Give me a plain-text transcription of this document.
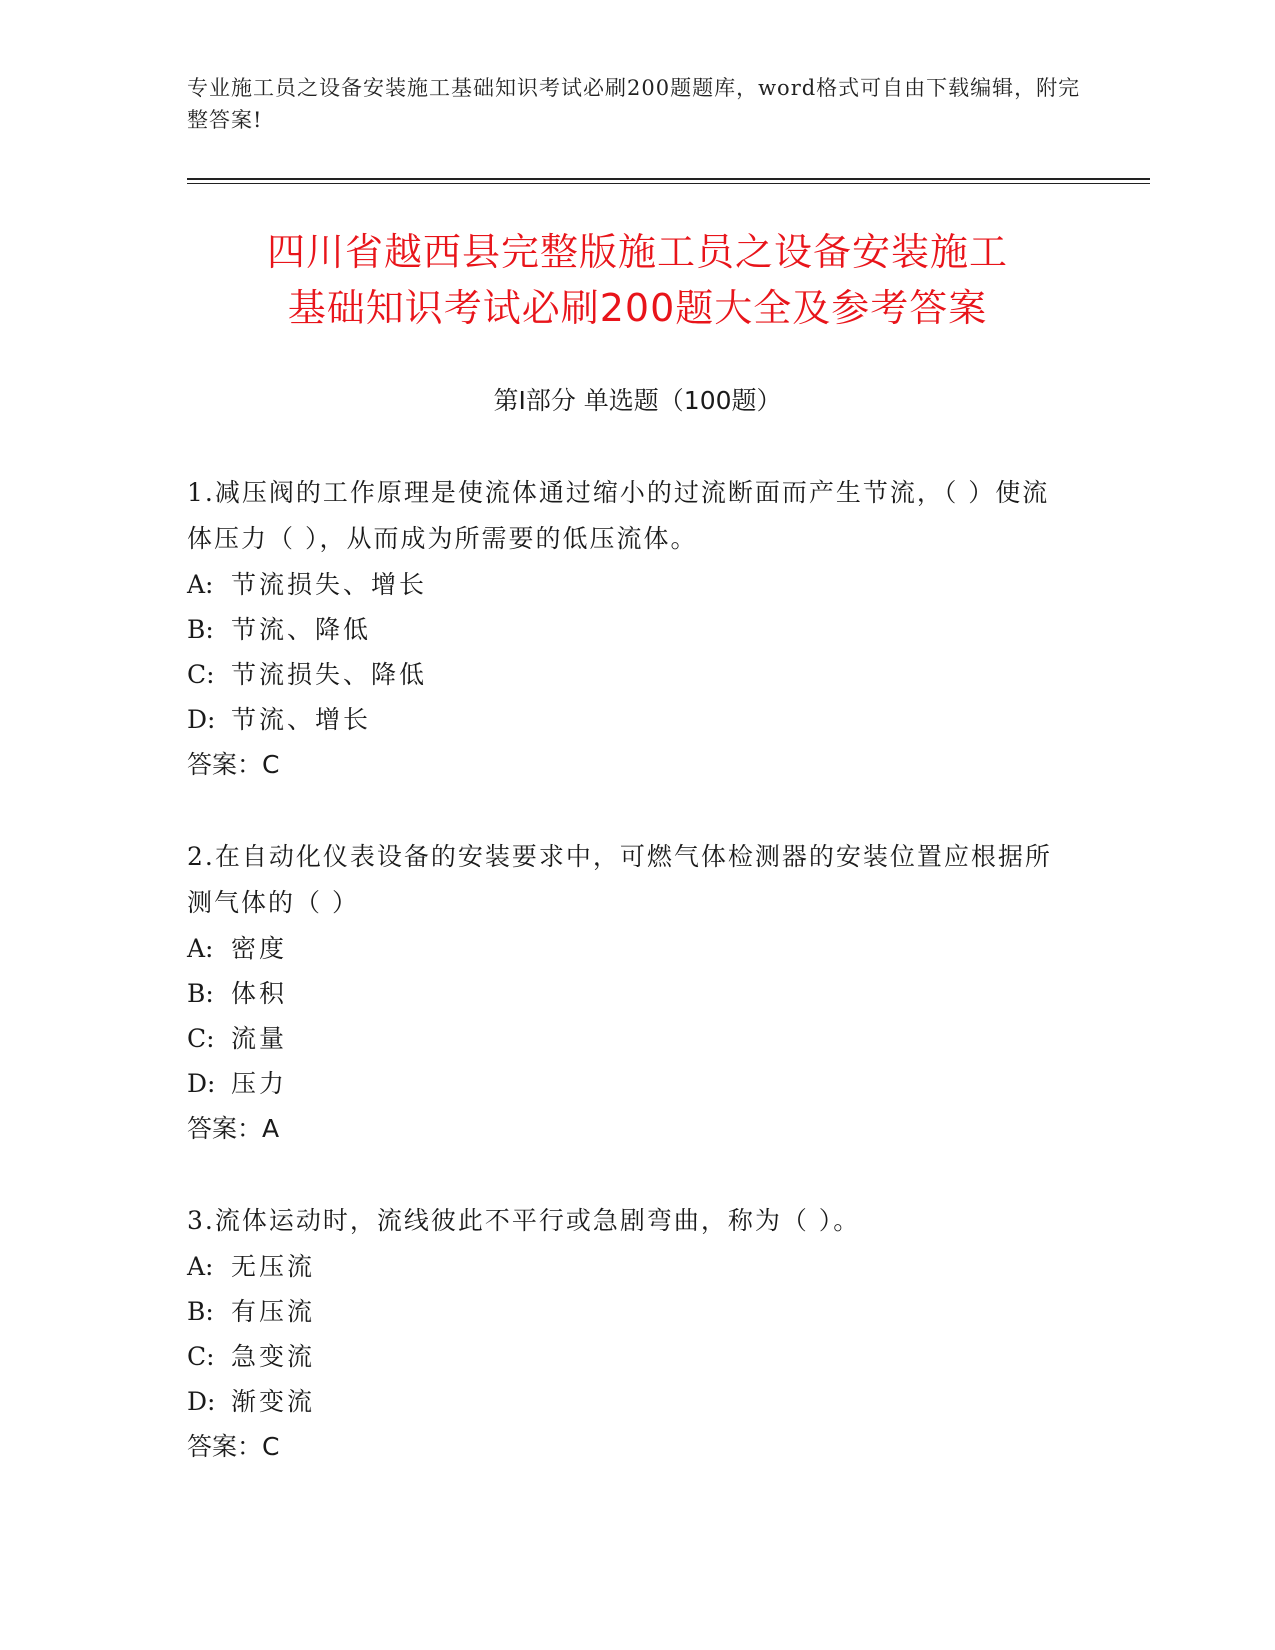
专业施工员之设备安装施工基础知识考试必刷200题题库，word格式可自由下载编辑，附完整答案!
四川省越西县完整版施工员之设备安装施工
基础知识考试必刷200题大全及参考答案
第Ⅰ部分 单选题（100题）
1.减压阀的工作原理是使流体通过缩小的过流断面而产生节流，（ ）使流体压力（ ），从而成为所需要的低压流体。
A: 节流损失、增长
B: 节流、降低
C: 节流损失、降低
D: 节流、增长
答案：C
2.在自动化仪表设备的安装要求中，可燃气体检测器的安装位置应根据所测气体的（ ）
A: 密度
B: 体积
C: 流量
D: 压力
答案：A
3.流体运动时，流线彼此不平行或急剧弯曲，称为（ ）。
A: 无压流
B: 有压流
C: 急变流
D: 渐变流
答案：C
